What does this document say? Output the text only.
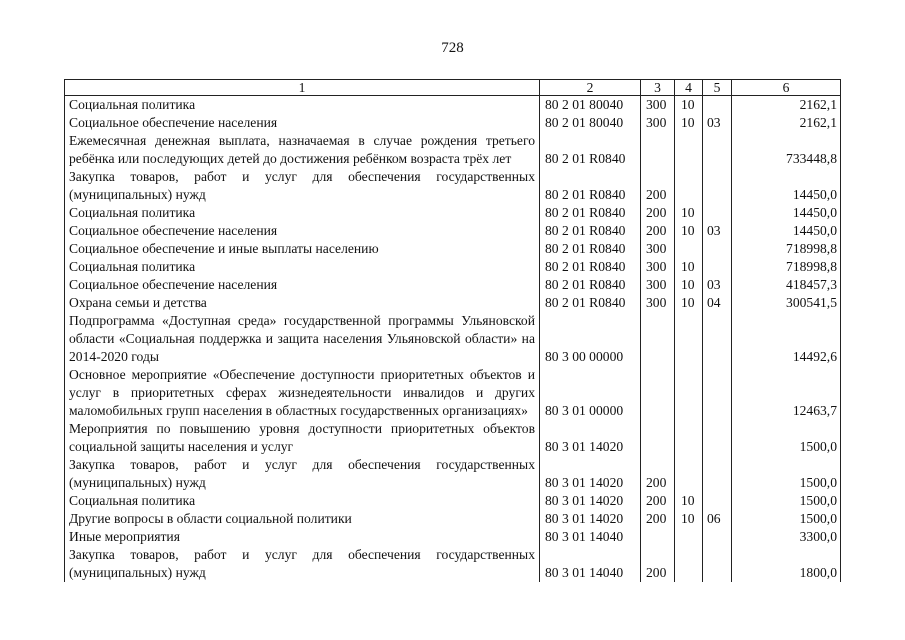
728
1	2	3	4	5	6
Социальная политика	80 2 01 80040	300	10		2162,1
Социальное обеспечение населения	80 2 01 80040	300	10	03	2162,1
Ежемесячная денежная выплата, назначаемая в случае рождения третьего ребёнка или последующих детей до достижения ребёнком возраста трёх лет	80 2 01 R0840				733448,8
Закупка товаров, работ и услуг для обеспечения государственных (муниципальных) нужд	80 2 01 R0840	200			14450,0
Социальная политика	80 2 01 R0840	200	10		14450,0
Социальное обеспечение населения	80 2 01 R0840	200	10	03	14450,0
Социальное обеспечение и иные выплаты населению	80 2 01 R0840	300			718998,8
Социальная политика	80 2 01 R0840	300	10		718998,8
Социальное обеспечение населения	80 2 01 R0840	300	10	03	418457,3
Охрана семьи и детства	80 2 01 R0840	300	10	04	300541,5
Подпрограмма «Доступная среда» государственной программы Ульяновской области «Социальная поддержка и защита населения Ульяновской области» на 2014-2020 годы	80 3 00 00000				14492,6
Основное мероприятие «Обеспечение доступности приоритетных объектов и услуг в приоритетных сферах жизнедеятельности инвалидов и других маломобильных групп населения в областных государственных организациях»	80 3 01 00000				12463,7
Мероприятия по повышению уровня доступности приоритетных объектов социальной защиты населения и услуг	80 3 01 14020				1500,0
Закупка товаров, работ и услуг для обеспечения государственных (муниципальных) нужд	80 3 01 14020	200			1500,0
Социальная политика	80 3 01 14020	200	10		1500,0
Другие вопросы в области социальной политики	80 3 01 14020	200	10	06	1500,0
Иные мероприятия	80 3 01 14040				3300,0
Закупка товаров, работ и услуг для обеспечения государственных (муниципальных) нужд	80 3 01 14040	200			1800,0
